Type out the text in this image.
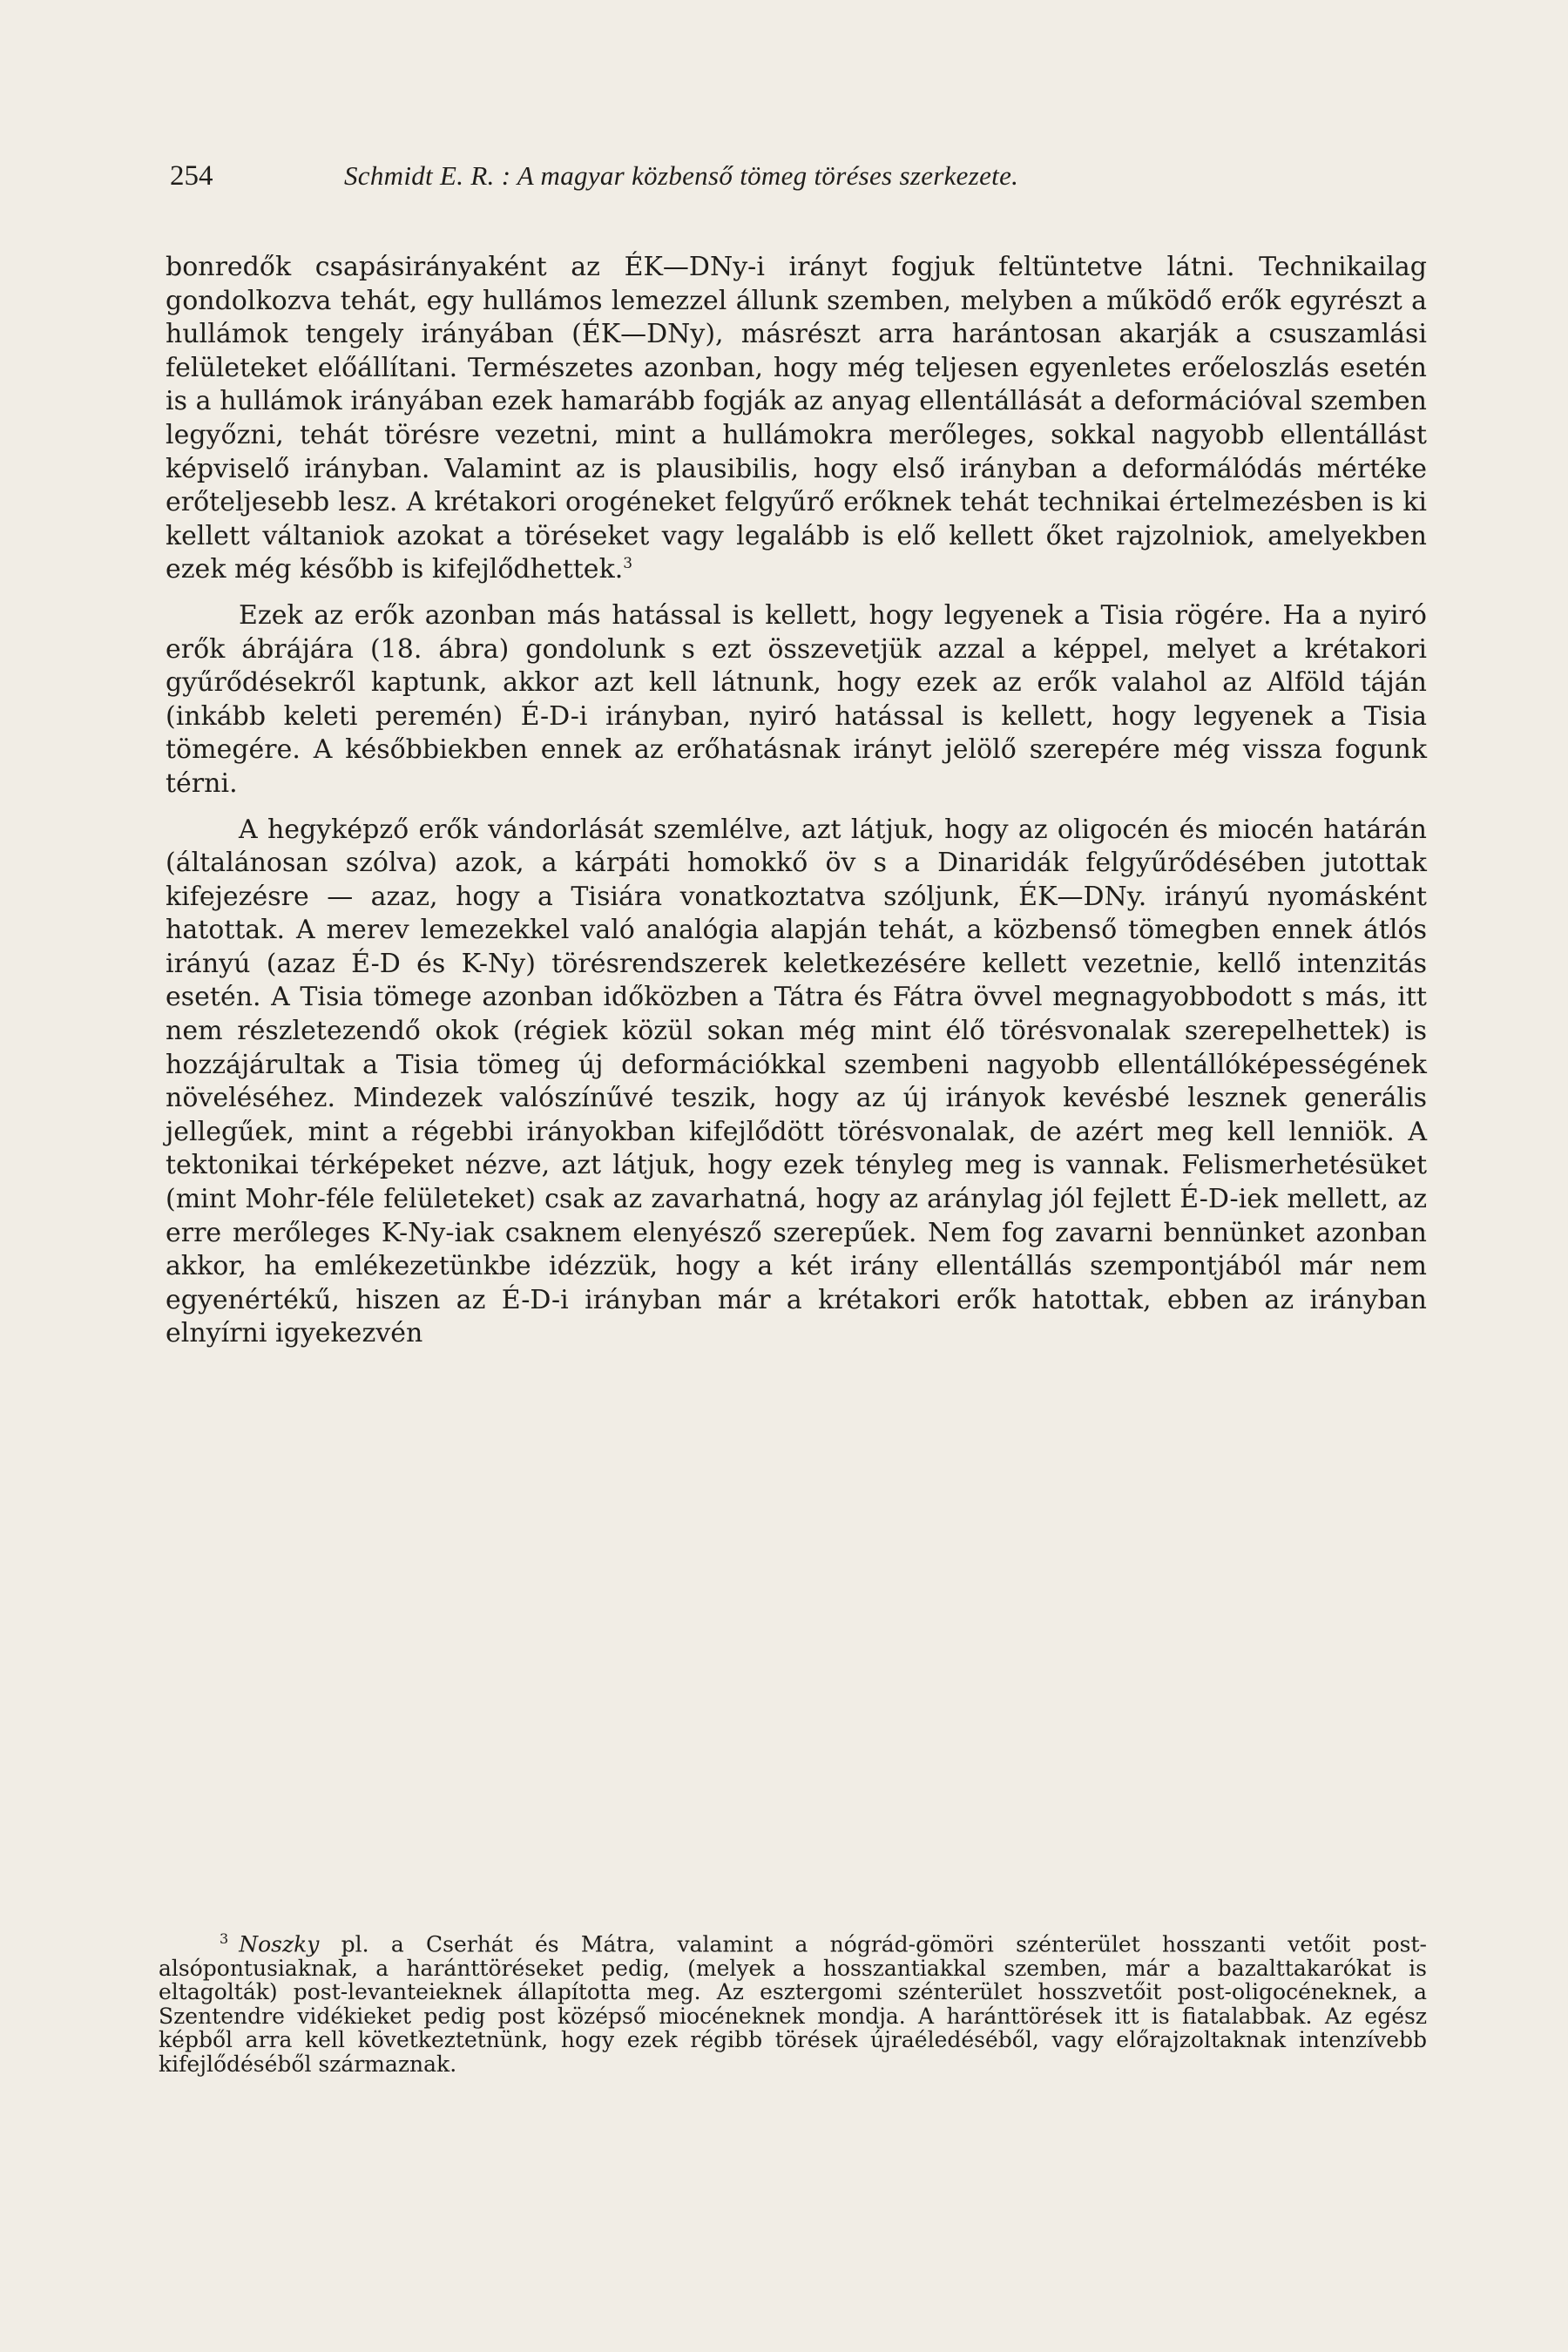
254	Schmidt E. R. : A magyar közbenső tömeg töréses szerkezete.

bonredők csapásirányaként az ÉK—DNy-i irányt fogjuk feltüntetve látni. Technikailag gondolkozva tehát, egy hullámos lemezzel állunk szemben, melyben a működő erők egyrészt a hullámok tengely irányában (ÉK—DNy), másrészt arra harántosan akarják a csuszamlási felületeket előállítani. Természetes azonban, hogy még teljesen egyenletes erőeloszlás esetén is a hullámok irányában ezek hamarább fogják az anyag ellentállását a deformációval szemben legyőzni, tehát törésre vezetni, mint a hullámokra merőleges, sokkal nagyobb ellentállást képviselő irányban. Valamint az is plausibilis, hogy első irányban a deformálódás mértéke erőteljesebb lesz. A krétakori orogéneket felgyűrő erőknek tehát technikai értelmezésben is ki kellett váltaniok azokat a töréseket vagy legalább is elő kellett őket rajzolniok, amelyekben ezek még később is kifejlődhettek.$^3$

Ezek az erők azonban más hatással is kellett, hogy legyenek a Tisia rögére. Ha a nyiró erők ábrájára (18. ábra) gondolunk s ezt összevetjük azzal a képpel, melyet a krétakori gyűrődésekről kaptunk, akkor azt kell látnunk, hogy ezek az erők valahol az Alföld táján (inkább keleti peremén) É-D-i irányban, nyiró hatással is kellett, hogy legyenek a Tisia tömegére. A későbbiekben ennek az erőhatásnak irányt jelölő szerepére még vissza fogunk térni.

A hegyképző erők vándorlását szemlélve, azt látjuk, hogy az oligocén és miocén határán (általánosan szólva) azok, a kárpáti homokkő öv s a Dinaridák felgyűrődésében jutottak kifejezésre — azaz, hogy a Tisiára vonatkoztatva szóljunk, ÉK—DNy. irányú nyomásként hatottak. A merev lemezekkel való analógia alapján tehát, a közbenső tömegben ennek átlós irányú (azaz É-D és K-Ny) törésrendszerek keletkezésére kellett vezetnie, kellő intenzitás esetén. A Tisia tömege azonban időközben a Tátra és Fátra övvel megnagyobbodott s más, itt nem részletezendő okok (régiek közül sokan még mint élő törésvonalak szerepelhettek) is hozzájárultak a Tisia tömeg új deformációkkal szembeni nagyobb ellentállóképességének növeléséhez. Mindezek valószínűvé teszik, hogy az új irányok kevésbé lesznek generális jellegűek, mint a régebbi irányokban kifejlődött törésvonalak, de azért meg kell lenniök. A tektonikai térképeket nézve, azt látjuk, hogy ezek tényleg meg is vannak. Felismerhetésüket (mint Mohr-féle felületeket) csak az zavarhatná, hogy az aránylag jól fejlett É-D-iek mellett, az erre merőleges K-Ny-iak csaknem elenyésző szerepűek. Nem fog zavarni bennünket azonban akkor, ha emlékezetünkbe idézzük, hogy a két irány ellentállás szempontjából már nem egyenértékű, hiszen az É-D-i irányban már a krétakori erők hatottak, ebben az irányban elnyírni igyekezvén

$^3$ Noszky pl. a Cserhát és Mátra, valamint a nógrád-gömöri szénterület hosszanti vetőit post-alsópontusiaknak, a haránttöréseket pedig, (melyek a hosszantiakkal szemben, már a bazalttakarókat is eltagolták) post-levanteieknek állapította meg. Az esztergomi szénterület hosszvetőit post-oligocéneknek, a Szentendre vidékieket pedig post középső miocéneknek mondja. A haránttörések itt is fiatalabbak. Az egész képből arra kell következtetnünk, hogy ezek régibb törések újraéledéséből, vagy előrajzoltaknak intenzívebb kifejlődéséből származnak.
